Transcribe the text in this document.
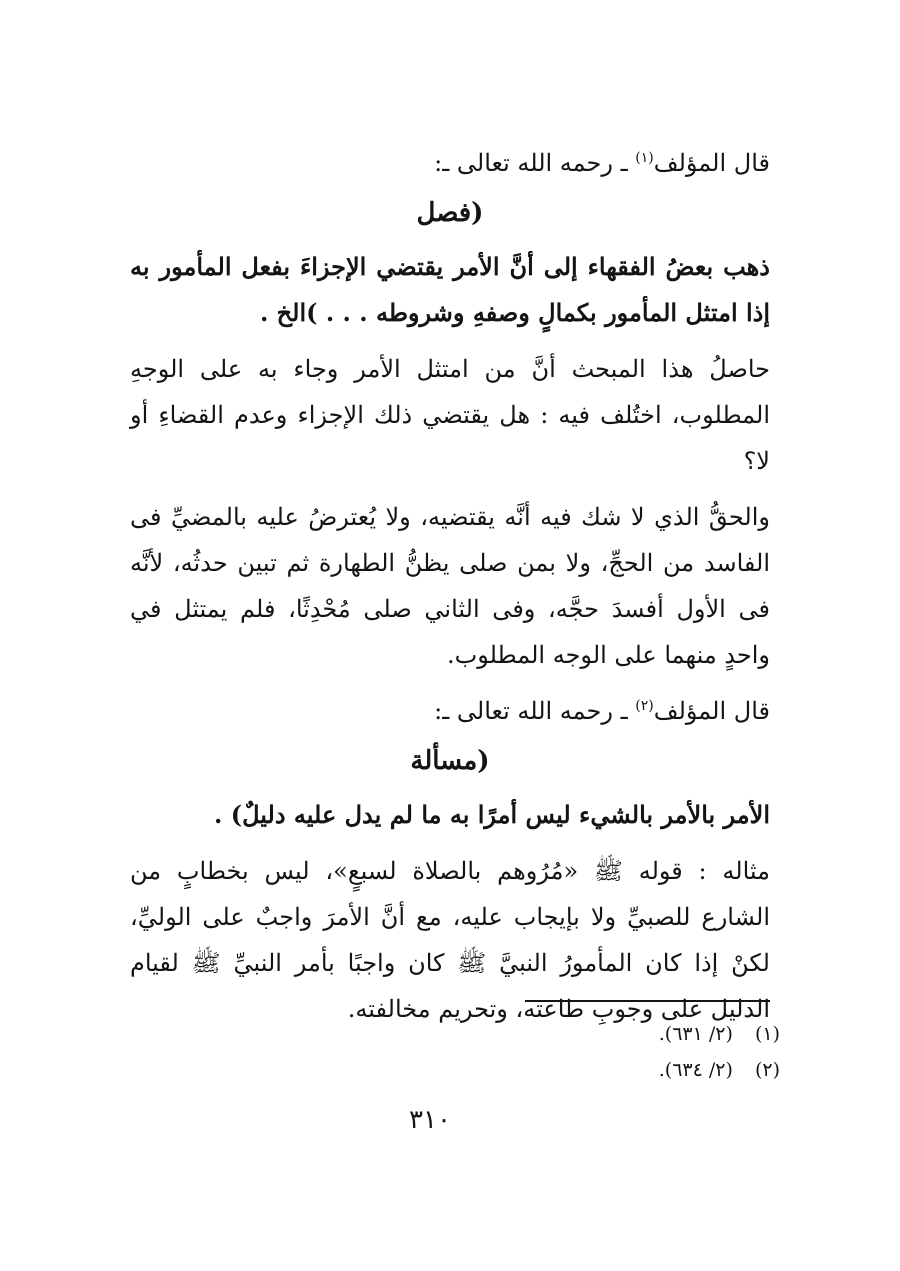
قال المؤلف$^{(١)}$ ـ رحمه الله تعالى ـ:
(فصل

ذهب بعضُ الفقهاء إلى أنَّ الأمر يقتضي الإجزاءَ بفعل المأمور به إذا امتثل المأمور بكمالٍ وصفهِ وشروطه . . . )الخ .

حاصلُ هذا المبحث أنَّ من امتثل الأمر وجاء به على الوجهِ المطلوب، اختُلف فيه : هل يقتضي ذلك الإجزاء وعدم القضاءِ أو لا؟

والحقُّ الذي لا شك فيه أنَّه يقتضيه، ولا يُعترضُ عليه بالمضيِّ فى الفاسد من الحجِّ، ولا بمن صلى يظنُّ الطهارة ثم تبين حدثُه، لأنَّه فى الأول أفسدَ حجَّه، وفى الثاني صلى مُحْدِثًا، فلم يمتثل في واحدٍ منهما على الوجه المطلوب.

قال المؤلف$^{(٢)}$ ـ رحمه الله تعالى ـ:
(مسألة

الأمر بالأمر بالشيء ليس أمرًا به ما لم يدل عليه دليلٌ) .

مثاله : قوله ﷺ «مُرُوهم بالصلاة لسبعٍ»، ليس بخطابٍ من الشارع للصبيِّ ولا بإيجاب عليه، مع أنَّ الأمرَ واجبٌ على الوليِّ، لكنْ إذا كان المأمورُ النبيَّ ﷺ كان واجبًا بأمر النبيِّ ﷺ لقيام الدليل على وجوبِ طاعته، وتحريم مخالفته.

(١)(٢/ ٦٣١).
(٢)(٢/ ٦٣٤).
٣١٠
